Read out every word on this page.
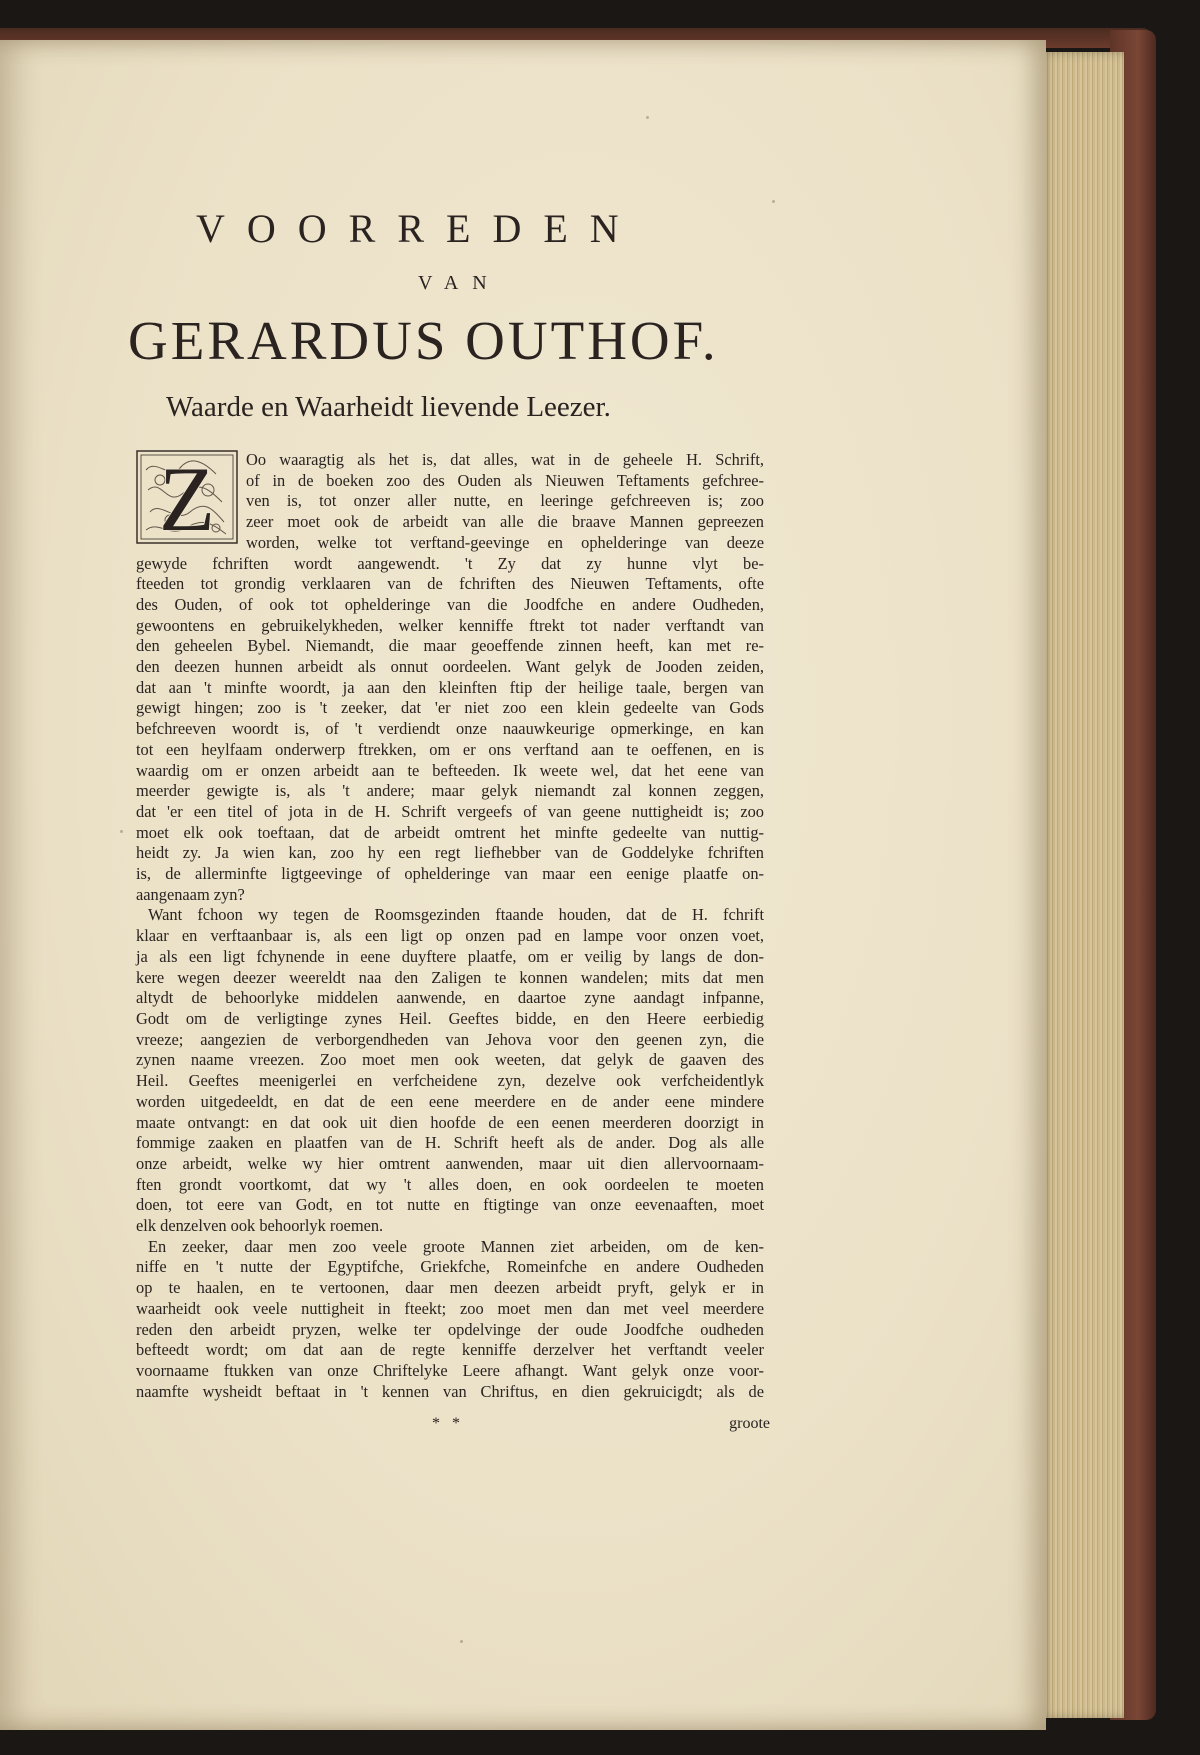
VOORREDEN
VAN
GERARDUS OUTHOF.
Waarde en Waarheidt lievende Leezer.
Z	Oo waaragtig als het is, dat alles, wat in de geheele H. Schrift,
of in de boeken zoo des Ouden als Nieuwen Teftaments gefchree-
ven is, tot onzer aller nutte, en leeringe gefchreeven is; zoo
zeer moet ook de arbeidt van alle die braave Mannen gepreezen
worden, welke tot verftand-geevinge en ophelderinge van deeze
gewyde fchriften wordt aangewendt. 't Zy dat zy hunne vlyt be-
fteeden tot grondig verklaaren van de fchriften des Nieuwen Teftaments, ofte
des Ouden, of ook tot ophelderinge van die Joodfche en andere Oudheden,
gewoontens en gebruikelykheden, welker kenniffe ftrekt tot nader verftandt van
den geheelen Bybel. Niemandt, die maar geoeffende zinnen heeft, kan met re-
den deezen hunnen arbeidt als onnut oordeelen. Want gelyk de Jooden zeiden,
dat aan 't minfte woordt, ja aan den kleinften ftip der heilige taale, bergen van
gewigt hingen; zoo is 't zeeker, dat 'er niet zoo een klein gedeelte van Gods
befchreeven woordt is, of 't verdiendt onze naauwkeurige opmerkinge, en kan
tot een heylfaam onderwerp ftrekken, om er ons verftand aan te oeffenen, en is
waardig om er onzen arbeidt aan te befteeden. Ik weete wel, dat het eene van
meerder gewigte is, als 't andere; maar gelyk niemandt zal konnen zeggen,
dat 'er een titel of jota in de H. Schrift vergeefs of van geene nuttigheidt is; zoo
moet elk ook toeftaan, dat de arbeidt omtrent het minfte gedeelte van nuttig-
heidt zy. Ja wien kan, zoo hy een regt liefhebber van de Goddelyke fchriften
is, de allerminfte ligtgeevinge of ophelderinge van maar een eenige plaatfe on-
aangenaam zyn?
Want fchoon wy tegen de Roomsgezinden ftaande houden, dat de H. fchrift
klaar en verftaanbaar is, als een ligt op onzen pad en lampe voor onzen voet,
ja als een ligt fchynende in eene duyftere plaatfe, om er veilig by langs de don-
kere wegen deezer weereldt naa den Zaligen te konnen wandelen; mits dat men
altydt de behoorlyke middelen aanwende, en daartoe zyne aandagt infpanne,
Godt om de verligtinge zynes Heil. Geeftes bidde, en den Heere eerbiedig
vreeze; aangezien de verborgendheden van Jehova voor den geenen zyn, die
zynen naame vreezen. Zoo moet men ook weeten, dat gelyk de gaaven des
Heil. Geeftes meenigerlei en verfcheidene zyn, dezelve ook verfcheidentlyk
worden uitgedeeldt, en dat de een eene meerdere en de ander eene mindere
maate ontvangt: en dat ook uit dien hoofde de een eenen meerderen doorzigt in
fommige zaaken en plaatfen van de H. Schrift heeft als de ander. Dog als alle
onze arbeidt, welke wy hier omtrent aanwenden, maar uit dien allervoornaam-
ften grondt voortkomt, dat wy 't alles doen, en ook oordeelen te moeten
doen, tot eere van Godt, en tot nutte en ftigtinge van onze eevenaaften, moet
elk denzelven ook behoorlyk roemen.
En zeeker, daar men zoo veele groote Mannen ziet arbeiden, om de ken-
niffe en 't nutte der Egyptifche, Griekfche, Romeinfche en andere Oudheden
op te haalen, en te vertoonen, daar men deezen arbeidt pryft, gelyk er in
waarheidt ook veele nuttigheit in fteekt; zoo moet men dan met veel meerdere
reden den arbeidt pryzen, welke ter opdelvinge der oude Joodfche oudheden
befteedt wordt; om dat aan de regte kenniffe derzelver het verftandt veeler
voornaame ftukken van onze Chriftelyke Leere afhangt. Want gelyk onze voor-
naamfte wysheidt beftaat in 't kennen van Chriftus, en dien gekruicigdt; als de
* *	groote
